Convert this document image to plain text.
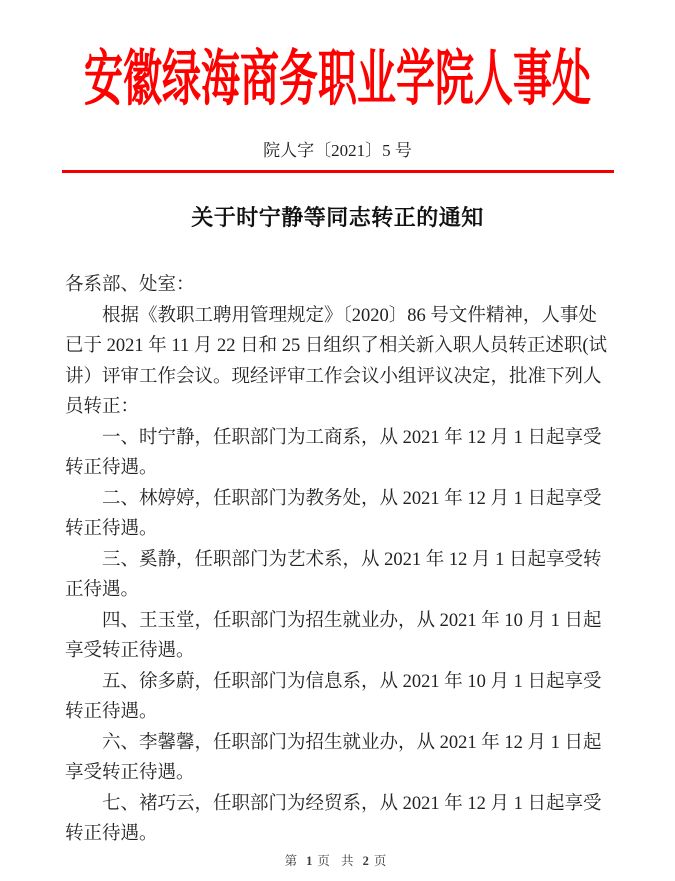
安徽绿海商务职业学院人事处
院人字〔2021〕5 号
关于时宁静等同志转正的通知
各系部、处室：
根据《教职工聘用管理规定》〔2020〕86 号文件精神，人事处
已于 2021 年 11 月 22 日和 25 日组织了相关新入职人员转正述职(试
讲）评审工作会议。现经评审工作会议小组评议决定，批准下列人
员转正：
一、时宁静，任职部门为工商系，从 2021 年 12 月 1 日起享受
转正待遇。
二、林婷婷，任职部门为教务处，从 2021 年 12 月 1 日起享受
转正待遇。
三、奚静，任职部门为艺术系，从 2021 年 12 月 1 日起享受转
正待遇。
四、王玉堂，任职部门为招生就业办，从 2021 年 10 月 1 日起
享受转正待遇。
五、徐多蔚，任职部门为信息系，从 2021 年 10 月 1 日起享受
转正待遇。
六、李馨馨，任职部门为招生就业办，从 2021 年 12 月 1 日起
享受转正待遇。
七、褚巧云，任职部门为经贸系，从 2021 年 12 月 1 日起享受
转正待遇。
第 1 页 共 2 页
